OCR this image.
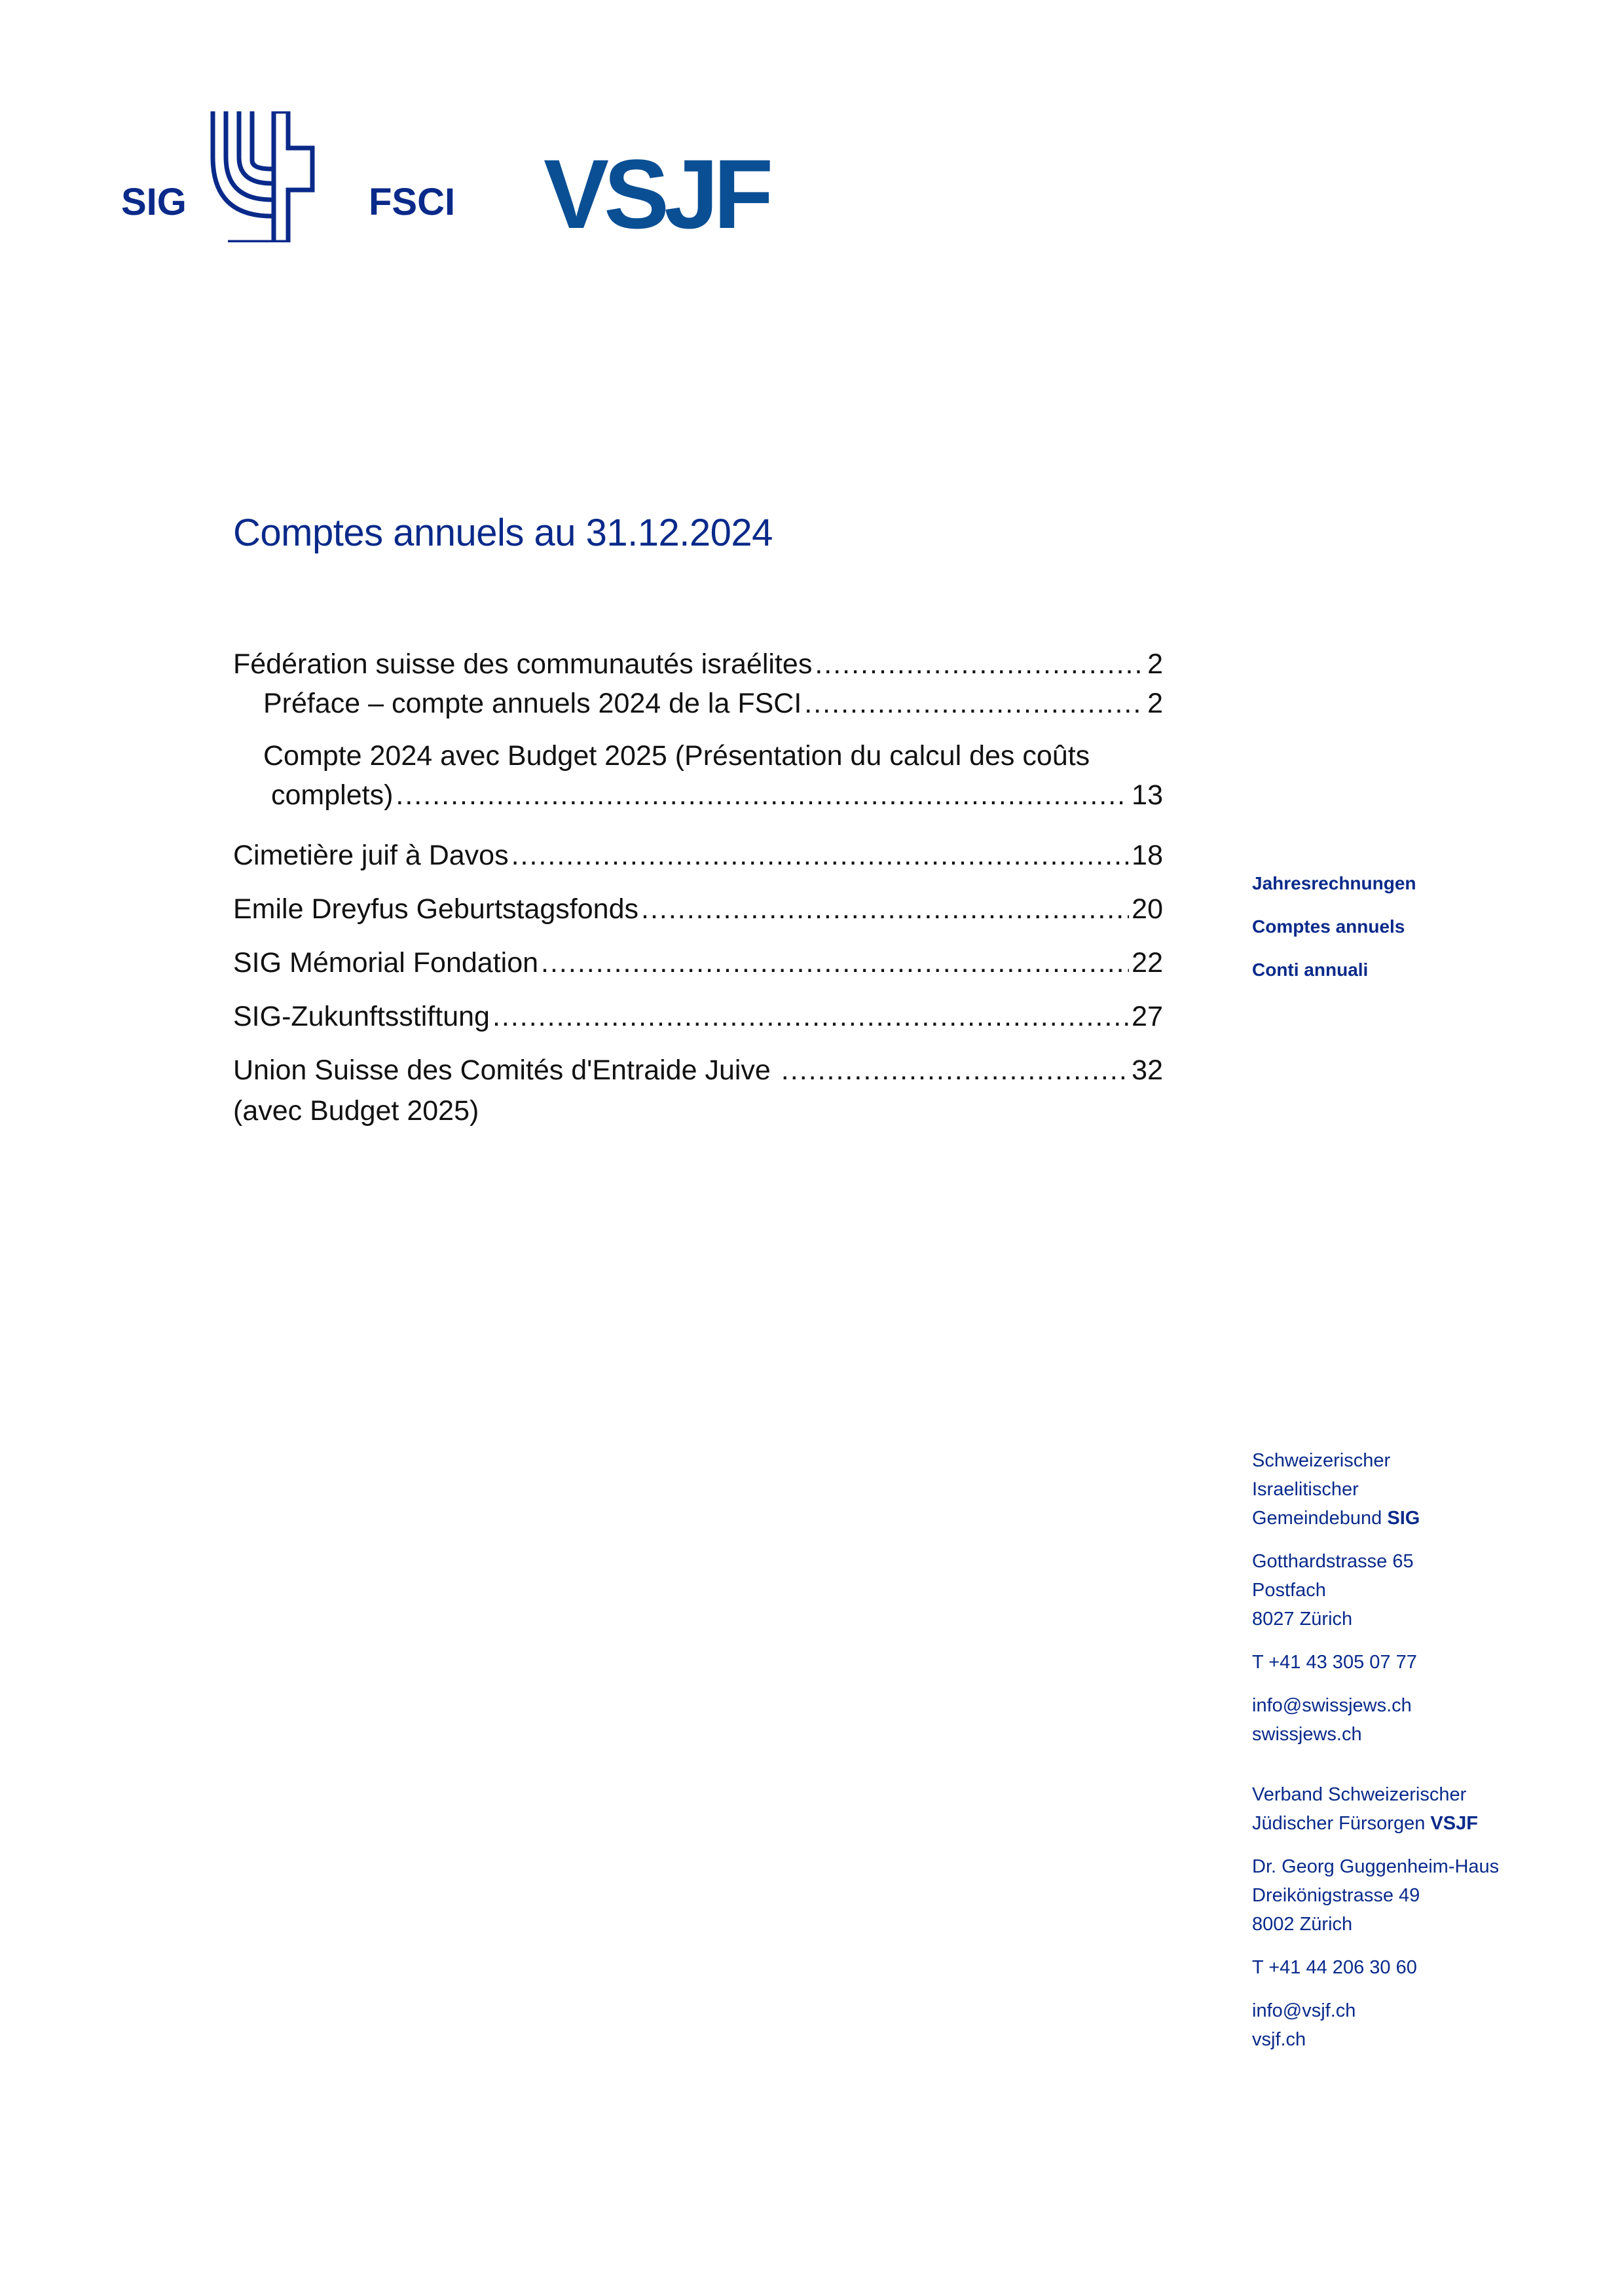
SIG	FSCI VSJF
Comptes annuels au 31.12.2024
Fédération suisse des communautés israélites .....	2
Préface – compte annuels 2024 de la FSCI .....	2
Compte 2024 avec Budget 2025 (Présentation du calcul des coûts
complets) .....	13
Cimetière juif à Davos .....	18
Emile Dreyfus Geburtstagsfonds .....	20
SIG Mémorial Fondation .....	22
SIG-Zukunftsstiftung .....	27
Union Suisse des Comités d'Entraide Juive .....	32
(avec Budget 2025)

Jahresrechnungen

Comptes annuels

Conti annuali

Schweizerischer

Israelitischer

Gemeindebund SIG

Gotthardstrasse 65

Postfach

8027 Zürich

T +41 43 305 07 77

info@swissjews.ch

swissjews.ch

Verband Schweizerischer

Jüdischer Fürsorgen VSJF

Dr. Georg Guggenheim-Haus

Dreikönigstrasse 49

8002 Zürich

T +41 44 206 30 60

info@vsjf.ch

vsjf.ch
